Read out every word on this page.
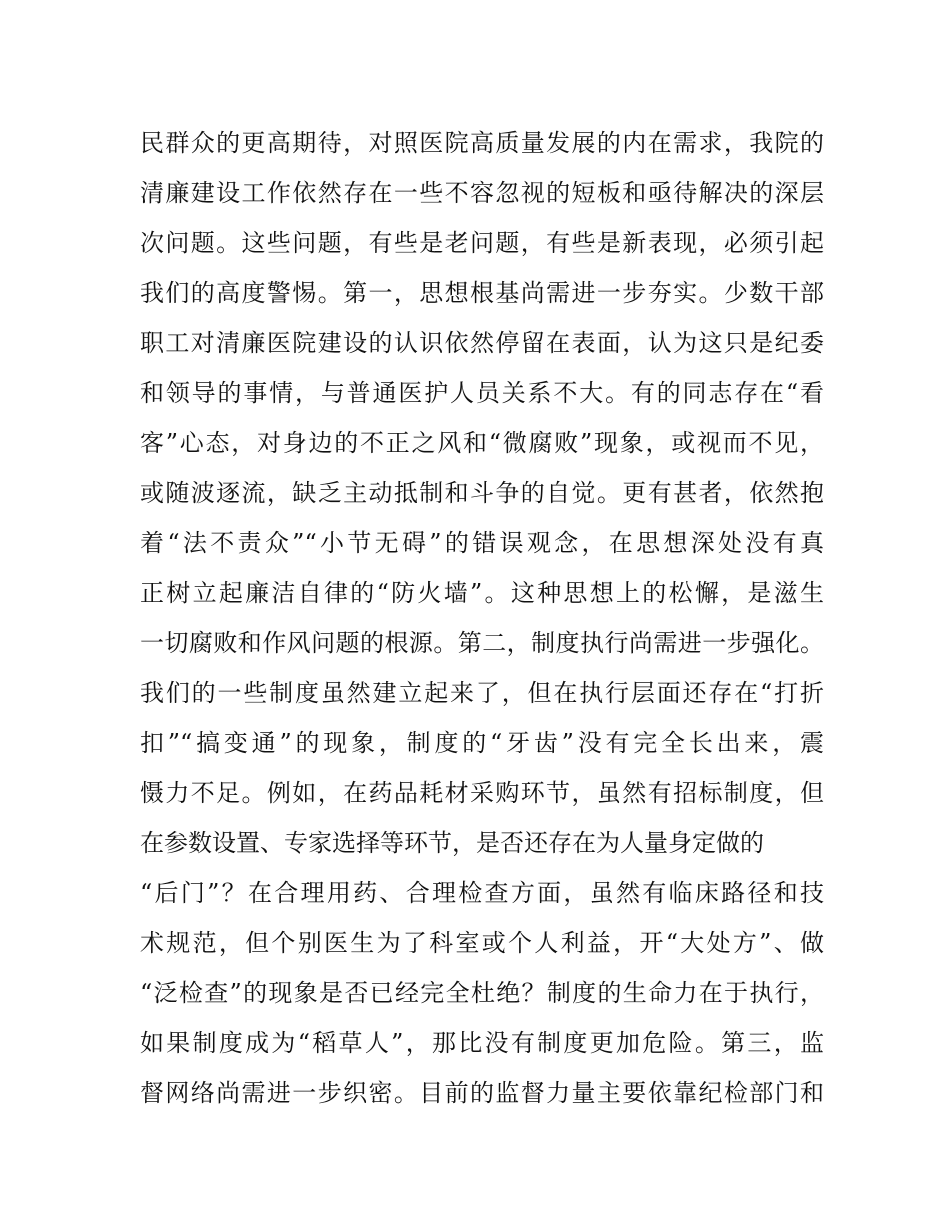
民群众的更高期待，对照医院高质量发展的内在需求，我院的
清廉建设工作依然存在一些不容忽视的短板和亟待解决的深层
次问题。这些问题，有些是老问题，有些是新表现，必须引起
我们的高度警惕。第一，思想根基尚需进一步夯实。少数干部
职工对清廉医院建设的认识依然停留在表面，认为这只是纪委
和领导的事情，与普通医护人员关系不大。有的同志存在“看
客”心态，对身边的不正之风和“微腐败”现象，或视而不见，
或随波逐流，缺乏主动抵制和斗争的自觉。更有甚者，依然抱
着“法不责众”“小节无碍”的错误观念，在思想深处没有真
正树立起廉洁自律的“防火墙”。这种思想上的松懈，是滋生
一切腐败和作风问题的根源。第二，制度执行尚需进一步强化。
我们的一些制度虽然建立起来了，但在执行层面还存在“打折
扣”“搞变通”的现象，制度的“牙齿”没有完全长出来，震
慑力不足。例如，在药品耗材采购环节，虽然有招标制度，但
在参数设置、专家选择等环节，是否还存在为人量身定做的
“后门”？在合理用药、合理检查方面，虽然有临床路径和技
术规范，但个别医生为了科室或个人利益，开“大处方”、做
“泛检查”的现象是否已经完全杜绝？制度的生命力在于执行，
如果制度成为“稻草人”，那比没有制度更加危险。第三，监
督网络尚需进一步织密。目前的监督力量主要依靠纪检部门和
